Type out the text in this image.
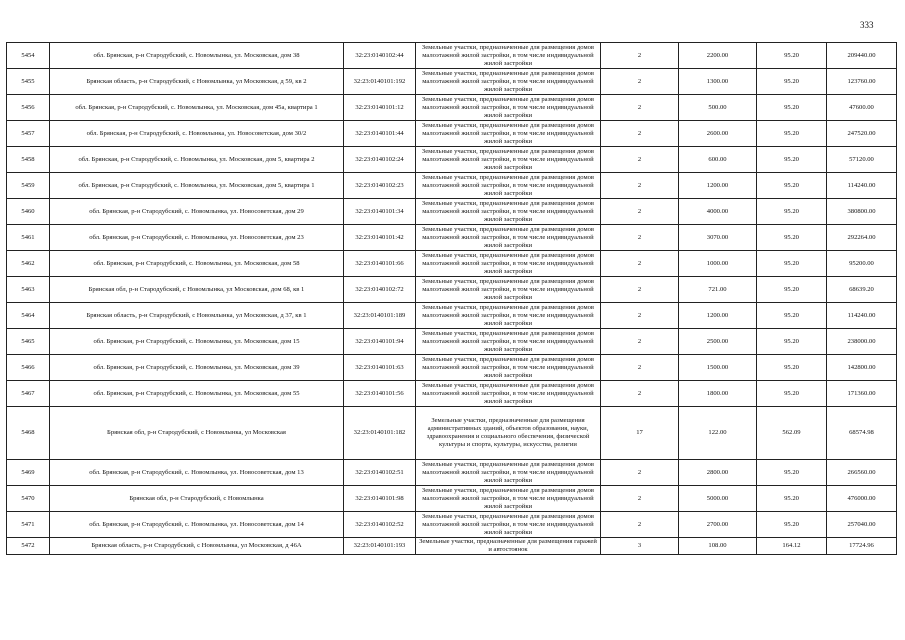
333
5454	обл. Брянская, р-н Стародубский, с. Новомлынка, ул. Московская, дом 38	32:23:0140102:44	Земельные участки, предназначенные для размещения домов малоэтажной жилой застройки, в том числе индивидуальной жилой застройки	2	2200.00	95.20	209440.00
5455	Брянская область, р-н Стародубский, с Новомлынка, ул Московская, д 59, кв 2	32:23:0140101:192	Земельные участки, предназначенные для размещения домов малоэтажной жилой застройки, в том числе индивидуальной жилой застройки	2	1300.00	95.20	123760.00
5456	обл. Брянская, р-н Стародубский, с. Новомлынка, ул. Московская, дом 45а, квартира 1	32:23:0140101:12	Земельные участки, предназначенные для размещения домов малоэтажной жилой застройки, в том числе индивидуальной жилой застройки	2	500.00	95.20	47600.00
5457	обл. Брянская, р-н Стародубский, с. Новомлынка, ул. Новосоветская, дом 30/2	32:23:0140101:44	Земельные участки, предназначенные для размещения домов малоэтажной жилой застройки, в том числе индивидуальной жилой застройки	2	2600.00	95.20	247520.00
5458	обл. Брянская, р-н Стародубский, с. Новомлынка, ул. Московская, дом 5, квартира 2	32:23:0140102:24	Земельные участки, предназначенные для размещения домов малоэтажной жилой застройки, в том числе индивидуальной жилой застройки	2	600.00	95.20	57120.00
5459	обл. Брянская, р-н Стародубский, с. Новомлынка, ул. Московская, дом 5, квартира 1	32:23:0140102:23	Земельные участки, предназначенные для размещения домов малоэтажной жилой застройки, в том числе индивидуальной жилой застройки	2	1200.00	95.20	114240.00
5460	обл. Брянская, р-н Стародубский, с. Новомлынка, ул. Новосоветская, дом 29	32:23:0140101:34	Земельные участки, предназначенные для размещения домов малоэтажной жилой застройки, в том числе индивидуальной жилой застройки	2	4000.00	95.20	380800.00
5461	обл. Брянская, р-н Стародубский, с. Новомлынка, ул. Новосоветская, дом 23	32:23:0140101:42	Земельные участки, предназначенные для размещения домов малоэтажной жилой застройки, в том числе индивидуальной жилой застройки	2	3070.00	95.20	292264.00
5462	обл. Брянская, р-н Стародубский, с. Новомлынка, ул. Московская, дом 58	32:23:0140101:66	Земельные участки, предназначенные для размещения домов малоэтажной жилой застройки, в том числе индивидуальной жилой застройки	2	1000.00	95.20	95200.00
5463	Брянская обл, р-н Стародубский, с Новомлынка, ул Московская, дом 68, кв 1	32:23:0140102:72	Земельные участки, предназначенные для размещения домов малоэтажной жилой застройки, в том числе индивидуальной жилой застройки	2	721.00	95.20	68639.20
5464	Брянская область, р-н Стародубский, с Новомлынка, ул Московская, д 37, кв 1	32:23:0140101:189	Земельные участки, предназначенные для размещения домов малоэтажной жилой застройки, в том числе индивидуальной жилой застройки	2	1200.00	95.20	114240.00
5465	обл. Брянская, р-н Стародубский, с. Новомлынка, ул. Московская, дом 15	32:23:0140101:94	Земельные участки, предназначенные для размещения домов малоэтажной жилой застройки, в том числе индивидуальной жилой застройки	2	2500.00	95.20	238000.00
5466	обл. Брянская, р-н Стародубский, с. Новомлынка, ул. Московская, дом 39	32:23:0140101:63	Земельные участки, предназначенные для размещения домов малоэтажной жилой застройки, в том числе индивидуальной жилой застройки	2	1500.00	95.20	142800.00
5467	обл. Брянская, р-н Стародубский, с. Новомлынка, ул. Московская, дом 55	32:23:0140101:56	Земельные участки, предназначенные для размещения домов малоэтажной жилой застройки, в том числе индивидуальной жилой застройки	2	1800.00	95.20	171360.00
5468	Брянская обл, р-н Стародубский, с Новомлынка, ул Московская	32:23:0140101:182	Земельные участки, предназначенные для размещения административных зданий, объектов образования, науки, здравоохранения и социального обеспечения, физической культуры и спорта, культуры, искусства, религии	17	122.00	562.09	68574.98
5469	обл. Брянская, р-н Стародубский, с. Новомлынка, ул. Новосоветская, дом 13	32:23:0140102:51	Земельные участки, предназначенные для размещения домов малоэтажной жилой застройки, в том числе индивидуальной жилой застройки	2	2800.00	95.20	266560.00
5470	Брянская обл, р-н Стародубский, с Новомлынка	32:23:0140101:98	Земельные участки, предназначенные для размещения домов малоэтажной жилой застройки, в том числе индивидуальной жилой застройки	2	5000.00	95.20	476000.00
5471	обл. Брянская, р-н Стародубский, с. Новомлынка, ул. Новосоветская, дом 14	32:23:0140102:52	Земельные участки, предназначенные для размещения домов малоэтажной жилой застройки, в том числе индивидуальной жилой застройки	2	2700.00	95.20	257040.00
5472	Брянская область, р-н Стародубский, с Новомлынка, ул Московская, д 46А	32:23:0140101:193	Земельные участки, предназначенные для размещения гаражей и автостоянок	3	108.00	164.12	17724.96
